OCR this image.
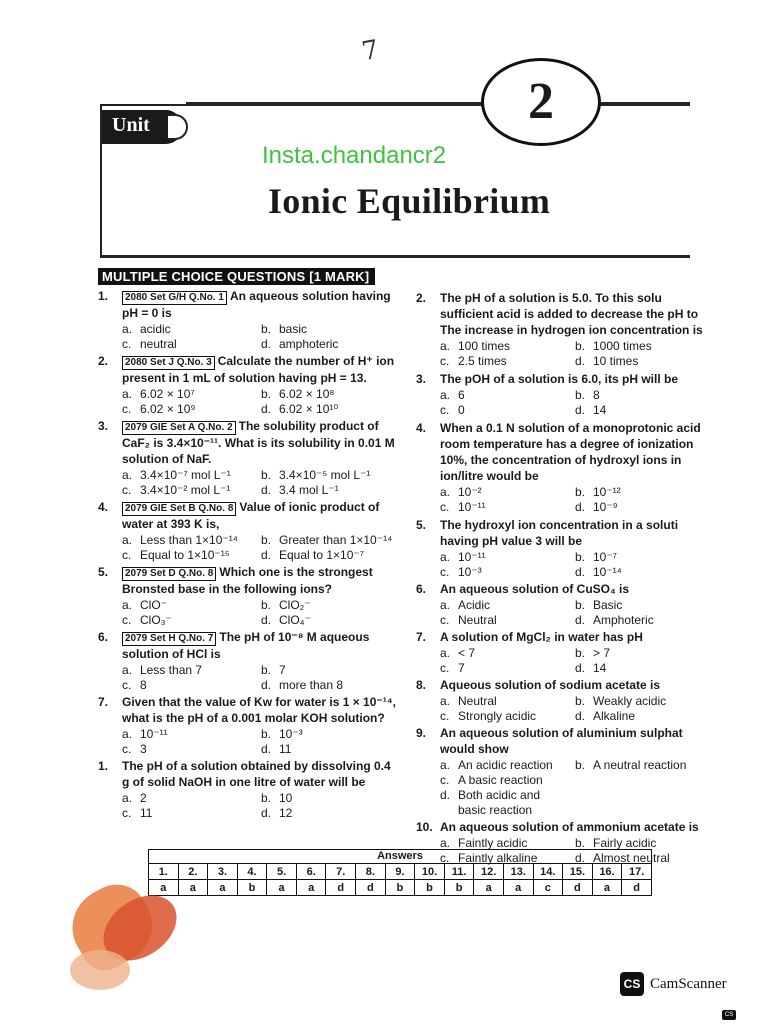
7
Unit	2
Insta.chandancr2
Ionic Equilibrium
MULTIPLE CHOICE QUESTIONS [1 MARK]
1.	2080 Set G/H Q.No. 1 An aqueous solution having pH = 0 is
a. acidic	b. basic
c. neutral	d. amphoteric
2.	2080 Set J Q.No. 3 Calculate the number of H⁺ ion present in 1 mL of solution having pH = 13.
a. 6.02 × 10⁷	b. 6.02 × 10⁸
c. 6.02 × 10⁹	d. 6.02 × 10¹⁰
3.	2079 GIE Set A Q.No. 2 The solubility product of CaF₂ is 3.4×10⁻¹¹. What is its solubility in 0.01 M solution of NaF.
a. 3.4×10⁻⁷ mol L⁻¹	b. 3.4×10⁻⁵ mol L⁻¹
c. 3.4×10⁻² mol L⁻¹	d. 3.4 mol L⁻¹
4.	2079 GIE Set B Q.No. 8 Value of ionic product of water at 393 K is,
a. Less than 1×10⁻¹⁴ b. Greater than 1×10⁻¹⁴
c. Equal to 1×10⁻¹⁵	d. Equal to 1×10⁻⁷
5.	2079 Set D Q.No. 8 Which one is the strongest Bronsted base in the following ions?
a. ClO⁻	b. ClO₂⁻
c. ClO₃⁻	d. ClO₄⁻
6.	2079 Set H Q.No. 7 The pH of 10⁻⁸ M aqueous solution of HCl is
a. Less than 7	b. 7
c. 8	d. more than 8
7. Given that the value of Kw for water is 1 × 10⁻¹⁴, what is the pH of a 0.001 molar KOH solution?
a. 10⁻¹¹	b. 10⁻³
c. 3	d. 11
1. The pH of a solution obtained by dissolving 0.4 g of solid NaOH in one litre of water will be
a. 2	b. 10
c. 11	d. 12
2. The pH of a solution is 5.0. To this solu sufficient acid is added to decrease the pH to The increase in hydrogen ion concentration is
a. 100 times	b. 1000 times
c. 2.5 times	d. 10 times
3. The pOH of a solution is 6.0, its pH will be
a. 6	b. 8
c. 0	d. 14
4. When a 0.1 N solution of a monoprotonic acid room temperature has a degree of ionization 10%, the concentration of hydroxyl ions in ion/litre would be
a. 10⁻²	b. 10⁻¹²
c. 10⁻¹¹	d. 10⁻⁹
5. The hydroxyl ion concentration in a soluti having pH value 3 will be
a. 10⁻¹¹	b. 10⁻⁷
c. 10⁻³	d. 10⁻¹⁴
6. An aqueous solution of CuSO₄ is
a. Acidic	b. Basic
c. Neutral	d. Amphoteric
7. A solution of MgCl₂ in water has pH
a. < 7	b. > 7
c. 7	d. 14
8. Aqueous solution of sodium acetate is
a. Neutral	b. Weakly acidic
c. Strongly acidic	d. Alkaline
9. An aqueous solution of aluminium sulphat would show
a. An acidic reaction b. A neutral reaction
c. A basic reaction
d. Both acidic and basic reaction
10. An aqueous solution of ammonium acetate is
a. Faintly acidic	b. Fairly acidic
c. Faintly alkaline	d. Almost neutral
Answers
1.	2.	3.	4.	5.	6.	7.	8.	9.	10.	11.	12.	13.	14.	15.	16.	17.
a	a	a	b	a	a	d	d	b	b	b	a	a	c	d	a	d
CS CamScanner
CS
